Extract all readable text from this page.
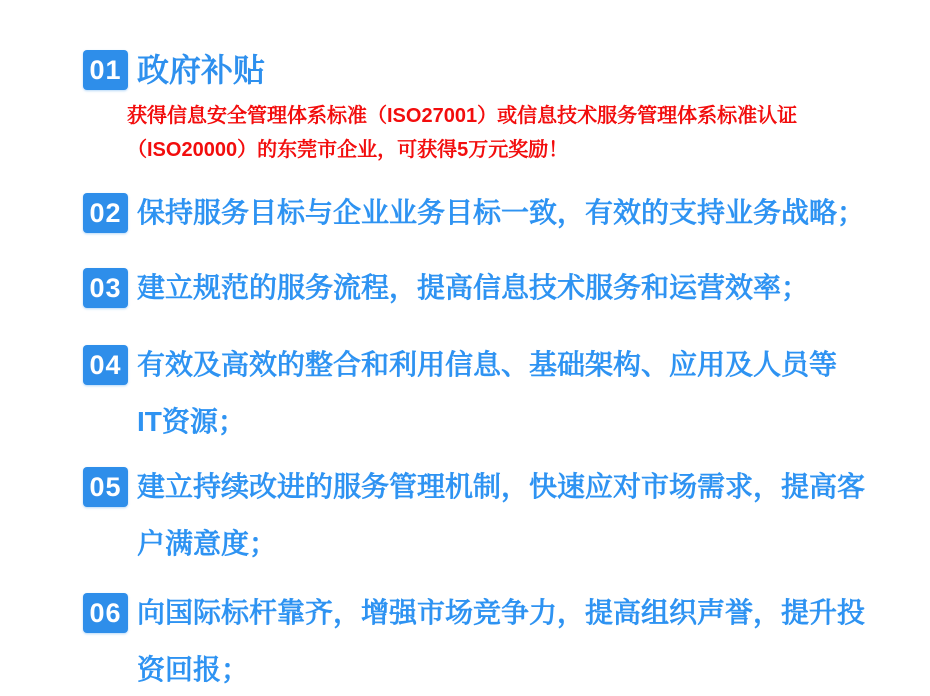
01 政府补贴
获得信息安全管理体系标准（ISO27001）或信息技术服务管理体系标准认证
（ISO20000）的东莞市企业，可获得5万元奖励！
02 保持服务目标与企业业务目标一致，有效的支持业务战略；
03 建立规范的服务流程，提高信息技术服务和运营效率；
04 有效及高效的整合和利用信息、基础架构、应用及人员等
IT资源；
05 建立持续改进的服务管理机制，快速应对市场需求，提高客
户满意度；
06 向国际标杆靠齐，增强市场竞争力，提高组织声誉，提升投
资回报；
